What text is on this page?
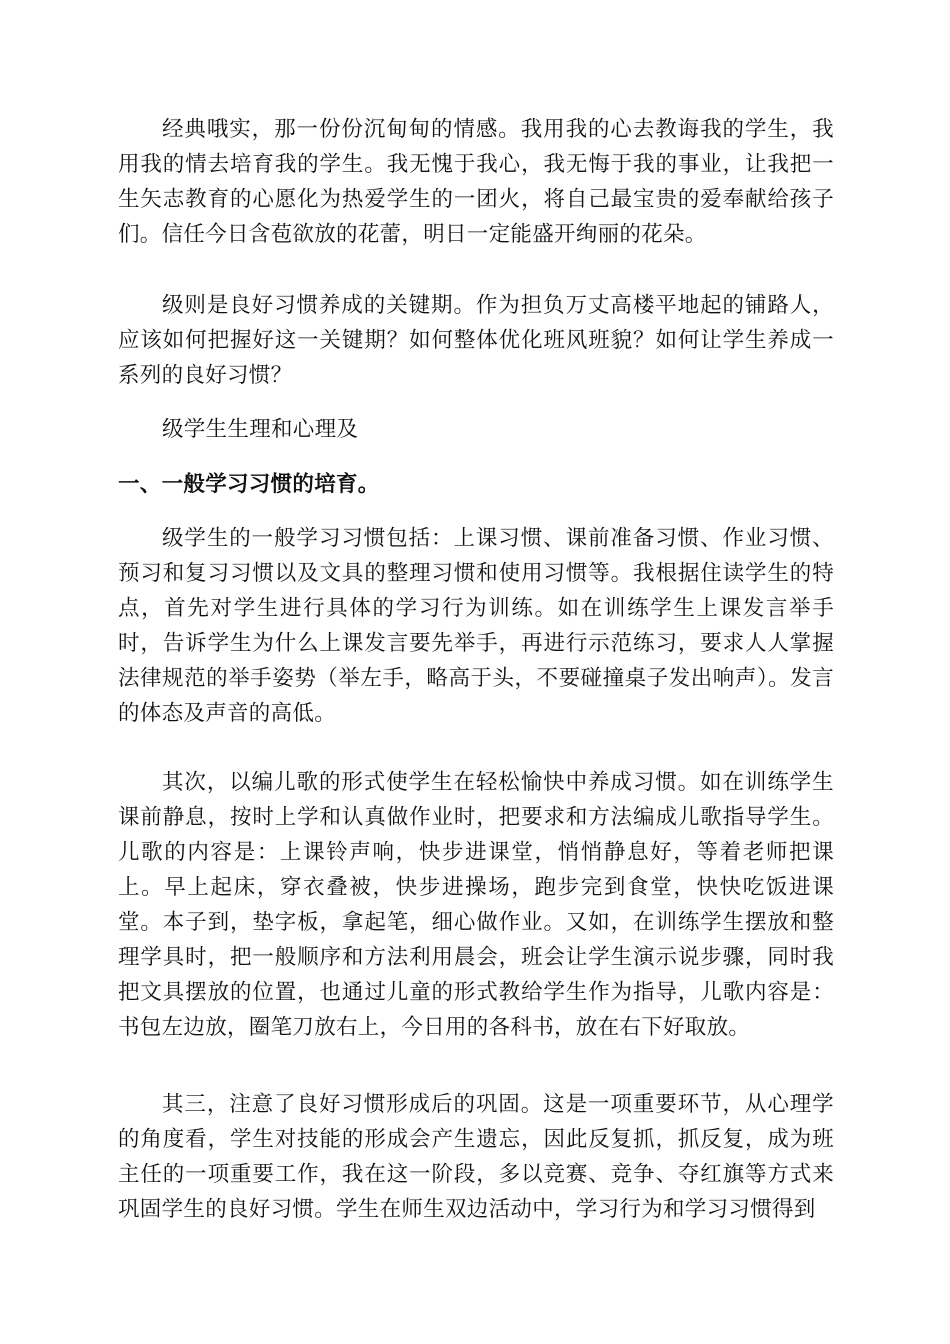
经典哦实，那一份份沉甸甸的情感。我用我的心去教诲我的学生，我用我的情去培育我的学生。我无愧于我心，我无悔于我的事业，让我把一生矢志教育的心愿化为热爱学生的一团火，将自己最宝贵的爱奉献给孩子们。信任今日含苞欲放的花蕾，明日一定能盛开绚丽的花朵。

级则是良好习惯养成的关键期。作为担负万丈高楼平地起的铺路人，应该如何把握好这一关键期？如何整体优化班风班貌？如何让学生养成一系列的良好习惯？

级学生生理和心理及

一、一般学习习惯的培育。

级学生的一般学习习惯包括：上课习惯、课前准备习惯、作业习惯、预习和复习习惯以及文具的整理习惯和使用习惯等。我根据住读学生的特点，首先对学生进行具体的学习行为训练。如在训练学生上课发言举手时，告诉学生为什么上课发言要先举手，再进行示范练习，要求人人掌握法律规范的举手姿势（举左手，略高于头，不要碰撞桌子发出响声）。发言的体态及声音的高低。

其次，以编儿歌的形式使学生在轻松愉快中养成习惯。如在训练学生课前静息，按时上学和认真做作业时，把要求和方法编成儿歌指导学生。儿歌的内容是：上课铃声响，快步进课堂，悄悄静息好，等着老师把课上。早上起床，穿衣叠被，快步进操场，跑步完到食堂，快快吃饭进课堂。本子到，垫字板，拿起笔，细心做作业。又如，在训练学生摆放和整理学具时，把一般顺序和方法利用晨会，班会让学生演示说步骤，同时我把文具摆放的位置，也通过儿童的形式教给学生作为指导，儿歌内容是：书包左边放，圈笔刀放右上，今日用的各科书，放在右下好取放。

其三，注意了良好习惯形成后的巩固。这是一项重要环节，从心理学的角度看，学生对技能的形成会产生遗忘，因此反复抓，抓反复，成为班主任的一项重要工作，我在这一阶段，多以竞赛、竞争、夺红旗等方式来巩固学生的良好习惯。学生在师生双边活动中，学习行为和学习习惯得到
